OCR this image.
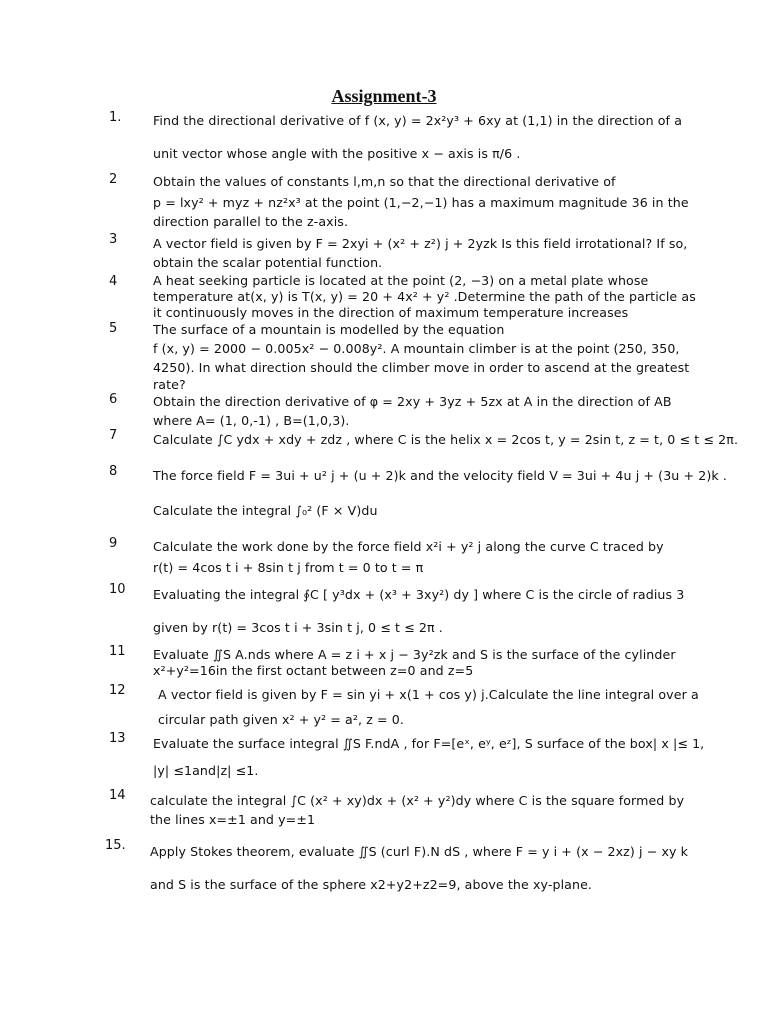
Assignment-3
1.	Find the directional derivative of f (x, y) = 2x²y³ + 6xy at (1,1) in the direction of a
unit vector whose angle with the positive x − axis is π/6 .
2	Obtain the values of constants l,m,n so that the directional derivative of
p = lxy² + myz + nz²x³ at the point (1,−2,−1) has a maximum magnitude 36 in the
direction parallel to the z-axis.
3	A vector field is given by F = 2xyi + (x² + z²) j + 2yzk Is this field irrotational? If so,
obtain the scalar potential function.
4	A heat seeking particle is located at the point (2, −3) on a metal plate whose
temperature at(x, y) is T(x, y) = 20 + 4x² + y² .Determine the path of the particle as
it continuously moves in the direction of maximum temperature increases
5	The surface of a mountain is modelled by the equation
f (x, y) = 2000 − 0.005x² − 0.008y². A mountain climber is at the point (250, 350,
4250). In what direction should the climber move in order to ascend at the greatest
rate?
6	Obtain the direction derivative of φ = 2xy + 3yz + 5zx at A in the direction of AB
where A= (1, 0,-1) , B=(1,0,3).
7	Calculate ∫C ydx + xdy + zdz , where C is the helix x = 2cos t, y = 2sin t, z = t, 0 ≤ t ≤ 2π.
8	The force field F = 3ui + u² j + (u + 2)k and the velocity field V = 3ui + 4u j + (3u + 2)k .
Calculate the integral ∫₀² (F × V)du
9	Calculate the work done by the force field x²i + y² j along the curve C traced by
r(t) = 4cos t i + 8sin t j from t = 0 to t = π
10 Evaluating the integral ∮C [ y³dx + (x³ + 3xy²) dy ] where C is the circle of radius 3
given by r(t) = 3cos t i + 3sin t j, 0 ≤ t ≤ 2π .
11 Evaluate ∬S A.nds where A = z i + x j − 3y²zk and S is the surface of the cylinder
x²+y²=16in the first octant between z=0 and z=5
12	A vector field is given by F = sin yi + x(1 + cos y) j.Calculate the line integral over a
circular path given x² + y² = a², z = 0.
13 Evaluate the surface integral ∬S F.ndA , for F=[eˣ, eʸ, eᶻ], S surface of the box| x |≤ 1,
|y| ≤1and|z| ≤1.
14 calculate the integral ∫C (x² + xy)dx + (x² + y²)dy where C is the square formed by
the lines x=±1 and y=±1
15. Apply Stokes theorem, evaluate ∬S (curl F).N dS , where F = y i + (x − 2xz) j − xy k
and S is the surface of the sphere x2+y2+z2=9, above the xy-plane.
